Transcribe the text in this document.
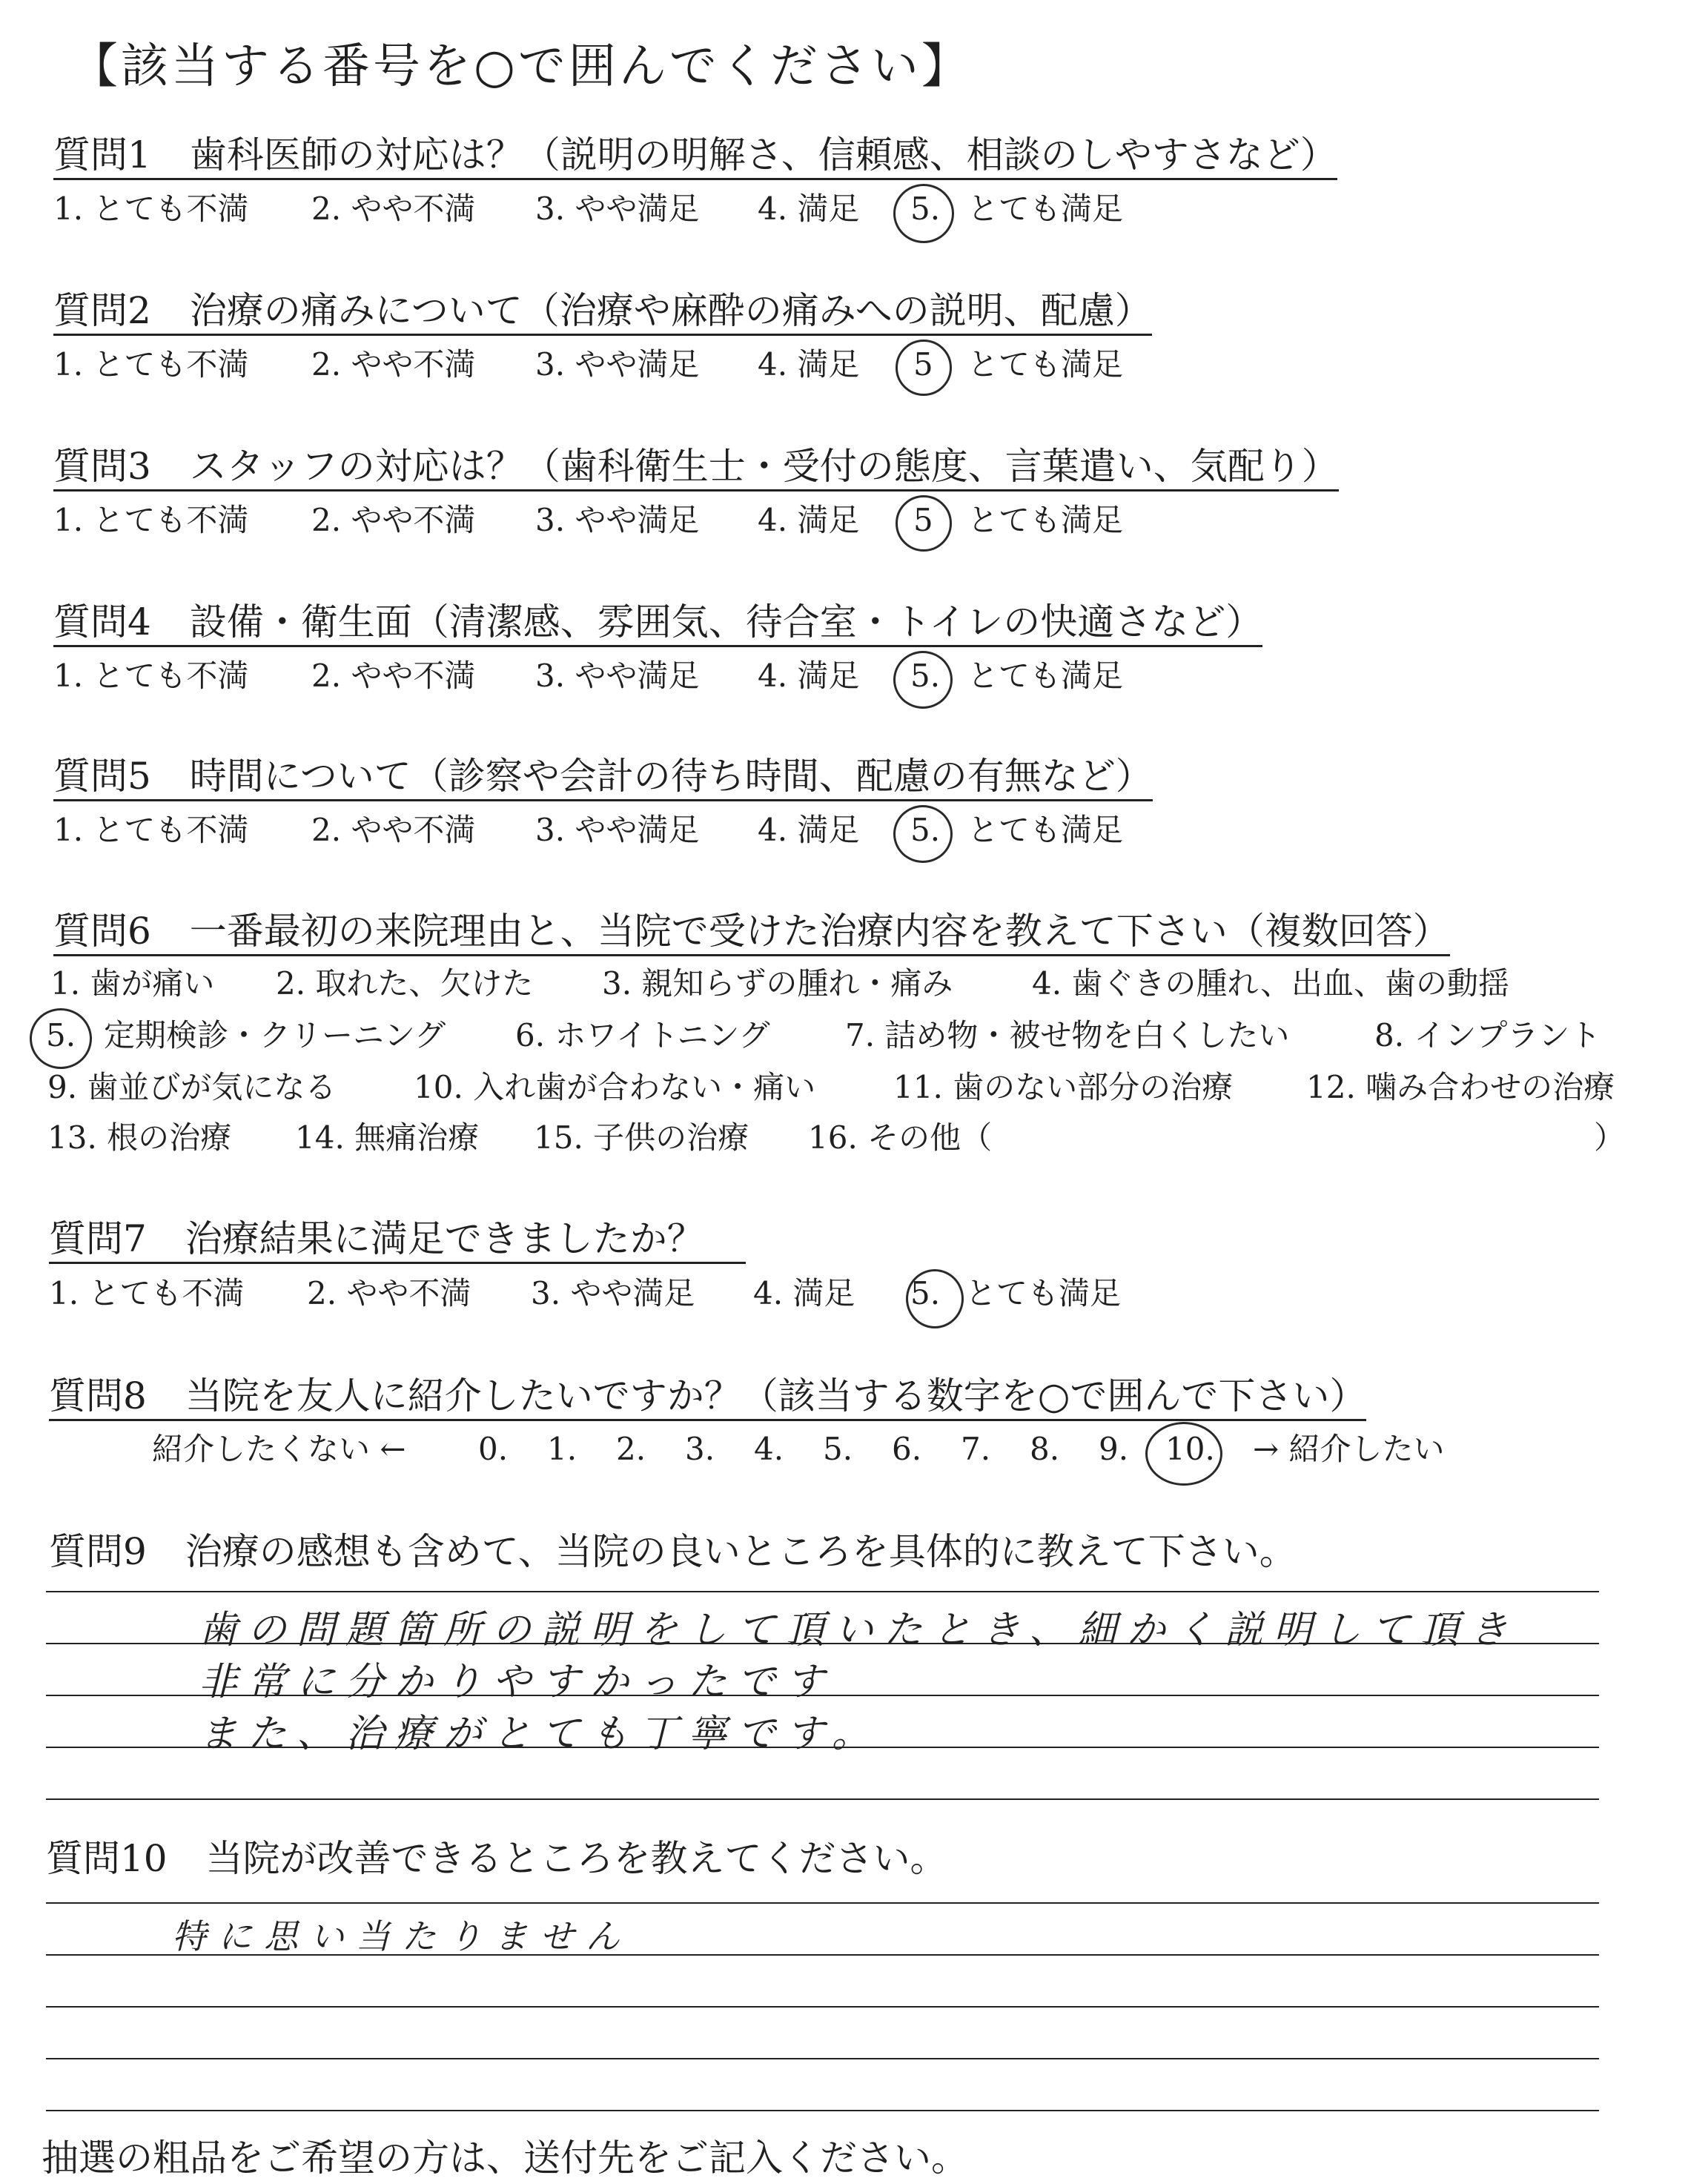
【該当する番号を○で囲んでください】
質問1 歯科医師の対応は？（説明の明解さ、信頼感、相談のしやすさなど）
1. とても不満 2. やや不満 3. やや満足 4. 満足 5. とても満足
質問2 治療の痛みについて（治療や麻酔の痛みへの説明、配慮）
1. とても不満 2. やや不満 3. やや満足 4. 満足 5 とても満足
質問3 スタッフの対応は？（歯科衛生士・受付の態度、言葉遣い、気配り）
1. とても不満 2. やや不満 3. やや満足 4. 満足 5 とても満足
質問4 設備・衛生面（清潔感、雰囲気、待合室・トイレの快適さなど）
1. とても不満 2. やや不満 3. やや満足 4. 満足 5. とても満足
質問5 時間について（診察や会計の待ち時間、配慮の有無など）
1. とても不満 2. やや不満 3. やや満足 4. 満足 5. とても満足
質問6 一番最初の来院理由と、当院で受けた治療内容を教えて下さい（複数回答）
1. 歯が痛い 2. 取れた、欠けた 3. 親知らずの腫れ・痛み	4. 歯ぐきの腫れ、出血、歯の動揺
5. 定期検診・クリーニング 6. ホワイトニング 7. 詰め物・被せ物を白くしたい	8. インプラント
9. 歯並びが気になる 10. 入れ歯が合わない・痛い 11. 歯のない部分の治療 12. 噛み合わせの治療
13. 根の治療 14. 無痛治療 15. 子供の治療 16. その他（	）
質問7 治療結果に満足できましたか？
1. とても不満 2. やや不満 3. やや満足 4. 満足 5. とても満足
質問8 当院を友人に紹介したいですか？（該当する数字を○で囲んで下さい）
紹介したくない ← 0. 1. 2. 3. 4. 5. 6. 7. 8. 9. 10. → 紹介したい
質問9 治療の感想も含めて、当院の良いところを具体的に教えて下さい。
歯の問題箇所の説明をして頂いたとき、細かく説明して頂き
非常に分かりやすかったです
また、治療がとても丁寧です。
質問10 当院が改善できるところを教えてください。
特に思い当たりません
抽選の粗品をご希望の方は、送付先をご記入ください。
